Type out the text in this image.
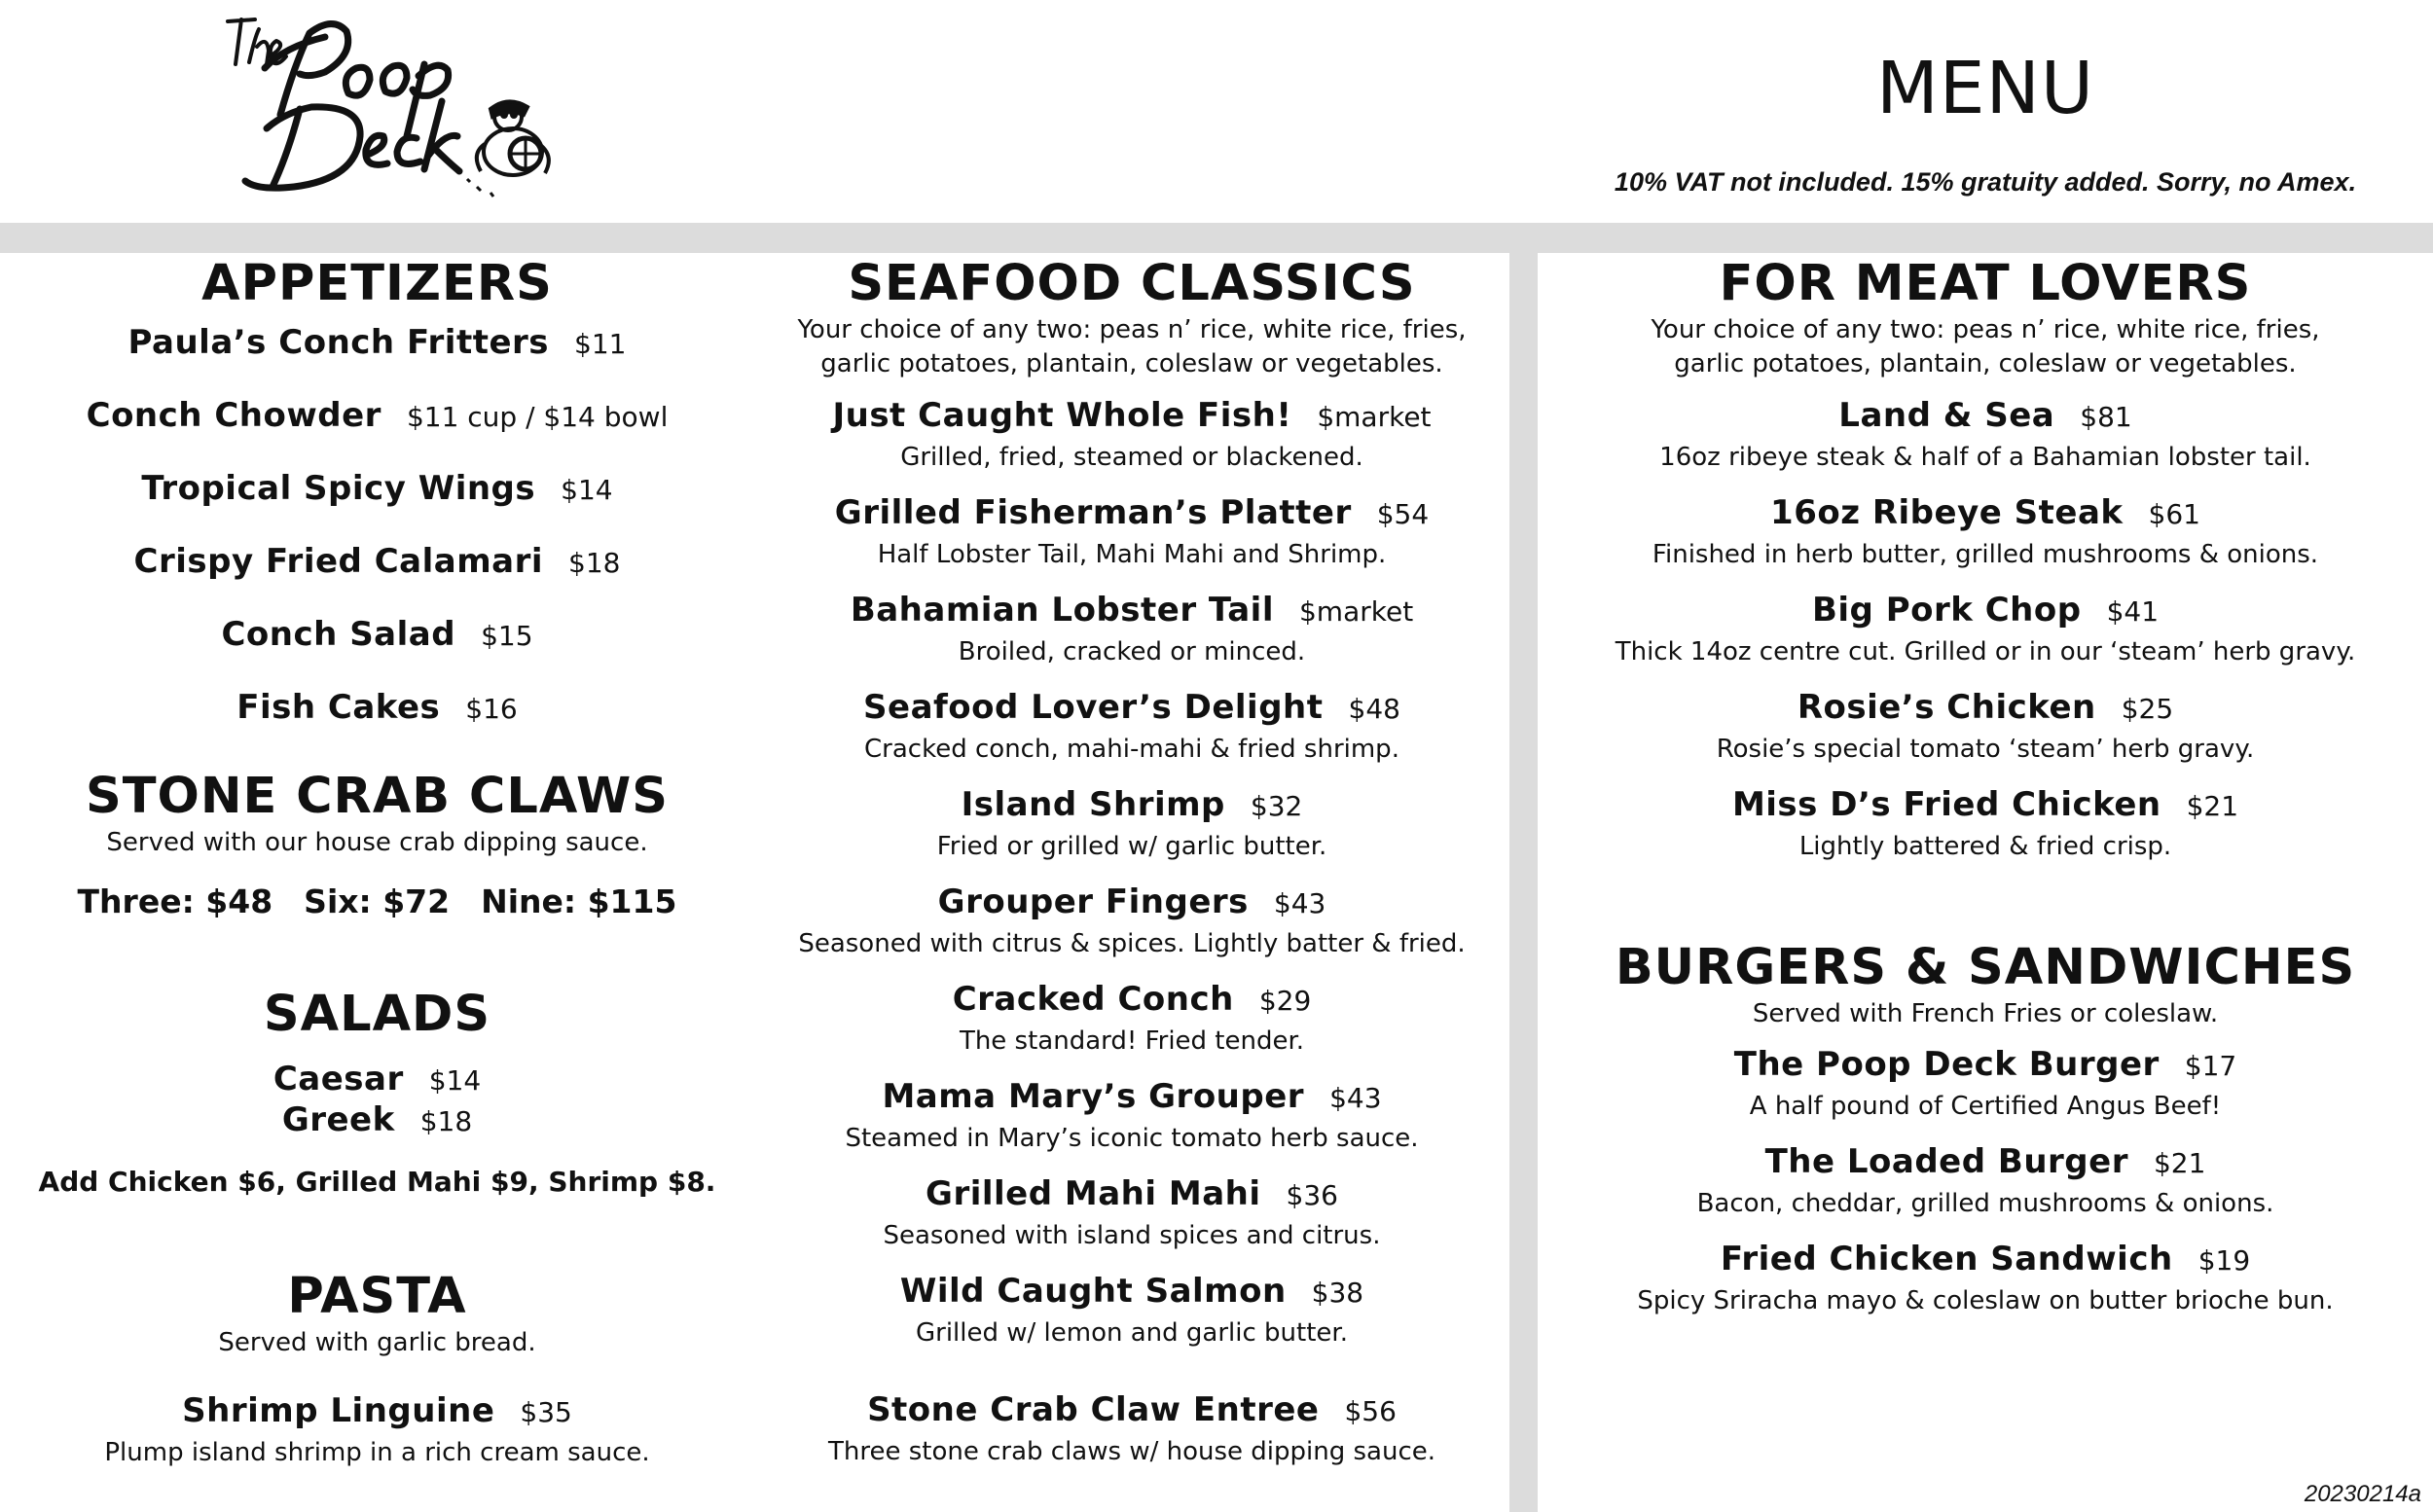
MENU
10% VAT not included. 15% gratuity added. Sorry, no Amex.
APPETIZERS
Paula’s Conch Fritters $11
Conch Chowder $11 cup / $14 bowl
Tropical Spicy Wings $14
Crispy Fried Calamari $18
Conch Salad $15
Fish Cakes $16
STONE CRAB CLAWS
Served with our house crab dipping sauce.
Three: $48 Six: $72 Nine: $115
SALADS
Caesar $14
Greek $18
Add Chicken $6, Grilled Mahi $9, Shrimp $8.
PASTA
Served with garlic bread.
Shrimp Linguine $35
Plump island shrimp in a rich cream sauce.
SEAFOOD CLASSICS
Your choice of any two: peas n’ rice, white rice, fries,
garlic potatoes, plantain, coleslaw or vegetables.
Just Caught Whole Fish! $market
Grilled, fried, steamed or blackened.
Grilled Fisherman’s Platter $54
Half Lobster Tail, Mahi Mahi and Shrimp.
Bahamian Lobster Tail $market
Broiled, cracked or minced.
Seafood Lover’s Delight $48
Cracked conch, mahi-mahi & fried shrimp.
Island Shrimp $32
Fried or grilled w/ garlic butter.
Grouper Fingers $43
Seasoned with citrus & spices. Lightly batter & fried.
Cracked Conch $29
The standard! Fried tender.
Mama Mary’s Grouper $43
Steamed in Mary’s iconic tomato herb sauce.
Grilled Mahi Mahi $36
Seasoned with island spices and citrus.
Wild Caught Salmon $38
Grilled w/ lemon and garlic butter.
Stone Crab Claw Entree $56
Three stone crab claws w/ house dipping sauce.
FOR MEAT LOVERS
Your choice of any two: peas n’ rice, white rice, fries,
garlic potatoes, plantain, coleslaw or vegetables.
Land & Sea $81
16oz ribeye steak & half of a Bahamian lobster tail.
16oz Ribeye Steak $61
Finished in herb butter, grilled mushrooms & onions.
Big Pork Chop $41
Thick 14oz centre cut. Grilled or in our ‘steam’ herb gravy.
Rosie’s Chicken $25
Rosie’s special tomato ‘steam’ herb gravy.
Miss D’s Fried Chicken $21
Lightly battered & fried crisp.
BURGERS & SANDWICHES
Served with French Fries or coleslaw.
The Poop Deck Burger $17
A half pound of Certified Angus Beef!
The Loaded Burger $21
Bacon, cheddar, grilled mushrooms & onions.
Fried Chicken Sandwich $19
Spicy Sriracha mayo & coleslaw on butter brioche bun.
20230214a
